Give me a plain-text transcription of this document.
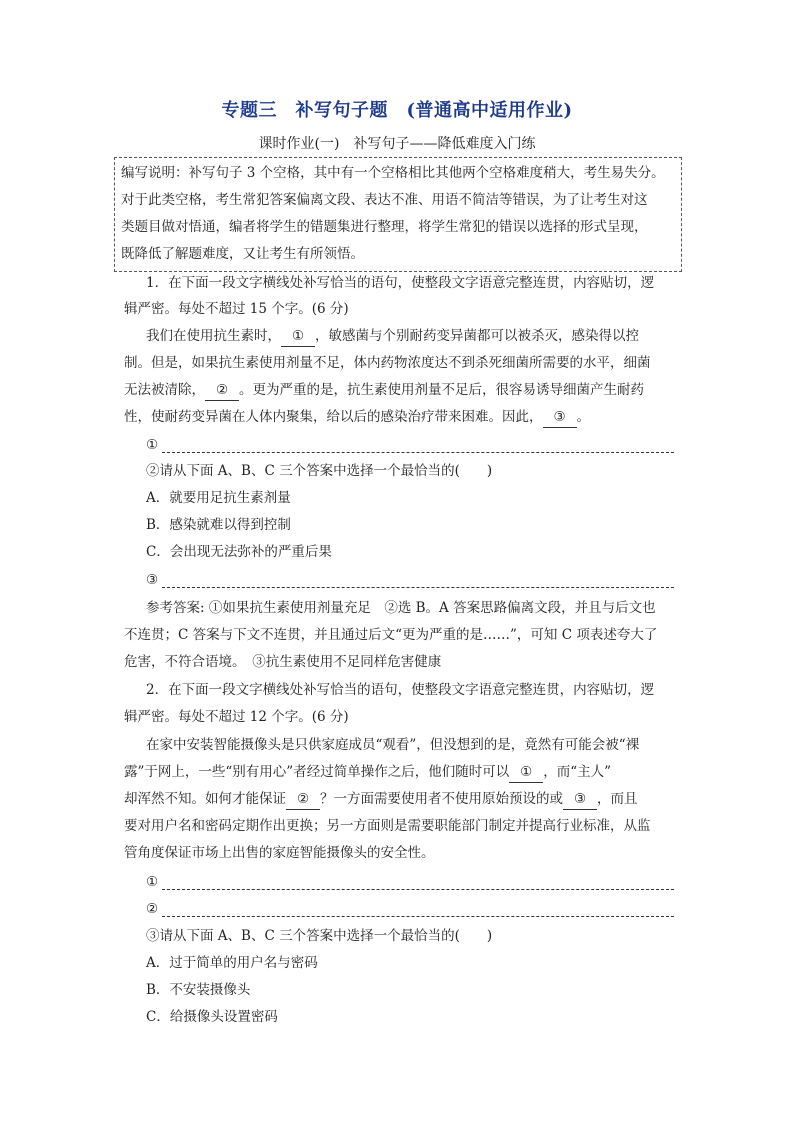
专题三　补写句子题　(普通高中适用作业)
课时作业(一)　补写句子——降低难度入门练
编写说明：补写句子 3 个空格，其中有一个空格相比其他两个空格难度稍大，考生易失分。
对于此类空格，考生常犯答案偏离文段、表达不准、用语不简洁等错误，为了让考生对这
类题目做对悟通，编者将学生的错题集进行整理，将学生常犯的错误以选择的形式呈现，
既降低了解题难度，又让考生有所领悟。
1．在下面一段文字横线处补写恰当的语句，使整段文字语意完整连贯，内容贴切，逻
辑严密。每处不超过 15 个字。(6 分)
我们在使用抗生素时， ① ，敏感菌与个别耐药变异菌都可以被杀灭，感染得以控
制。但是，如果抗生素使用剂量不足，体内药物浓度达不到杀死细菌所需要的水平，细菌
无法被清除， ② 。更为严重的是，抗生素使用剂量不足后，很容易诱导细菌产生耐药
性，使耐药变异菌在人体内聚集，给以后的感染治疗带来困难。因此， ③ 。
①
②请从下面 A、B、C 三个答案中选择一个最恰当的(　　)
A．就要用足抗生素剂量
B．感染就难以得到控制
C．会出现无法弥补的严重后果
③
参考答案: ①如果抗生素使用剂量充足　②选 B。A 答案思路偏离文段，并且与后文也
不连贯；C 答案与下文不连贯，并且通过后文“更为严重的是……”，可知 C 项表述夸大了
危害，不符合语境。　③抗生素使用不足同样危害健康
2．在下面一段文字横线处补写恰当的语句，使整段文字语意完整连贯，内容贴切，逻
辑严密。每处不超过 12 个字。(6 分)
在家中安装智能摄像头是只供家庭成员“观看”，但没想到的是，竟然有可能会被“裸
露”于网上，一些“别有用心”者经过简单操作之后，他们随时可以 ① ，而“主人”
却浑然不知。如何才能保证 ② ？一方面需要使用者不使用原始预设的或 ③ ，而且
要对用户名和密码定期作出更换；另一方面则是需要职能部门制定并提高行业标准，从监
管角度保证市场上出售的家庭智能摄像头的安全性。
①
②
③请从下面 A、B、C 三个答案中选择一个最恰当的(　　)
A．过于简单的用户名与密码
B．不安装摄像头
C．给摄像头设置密码
